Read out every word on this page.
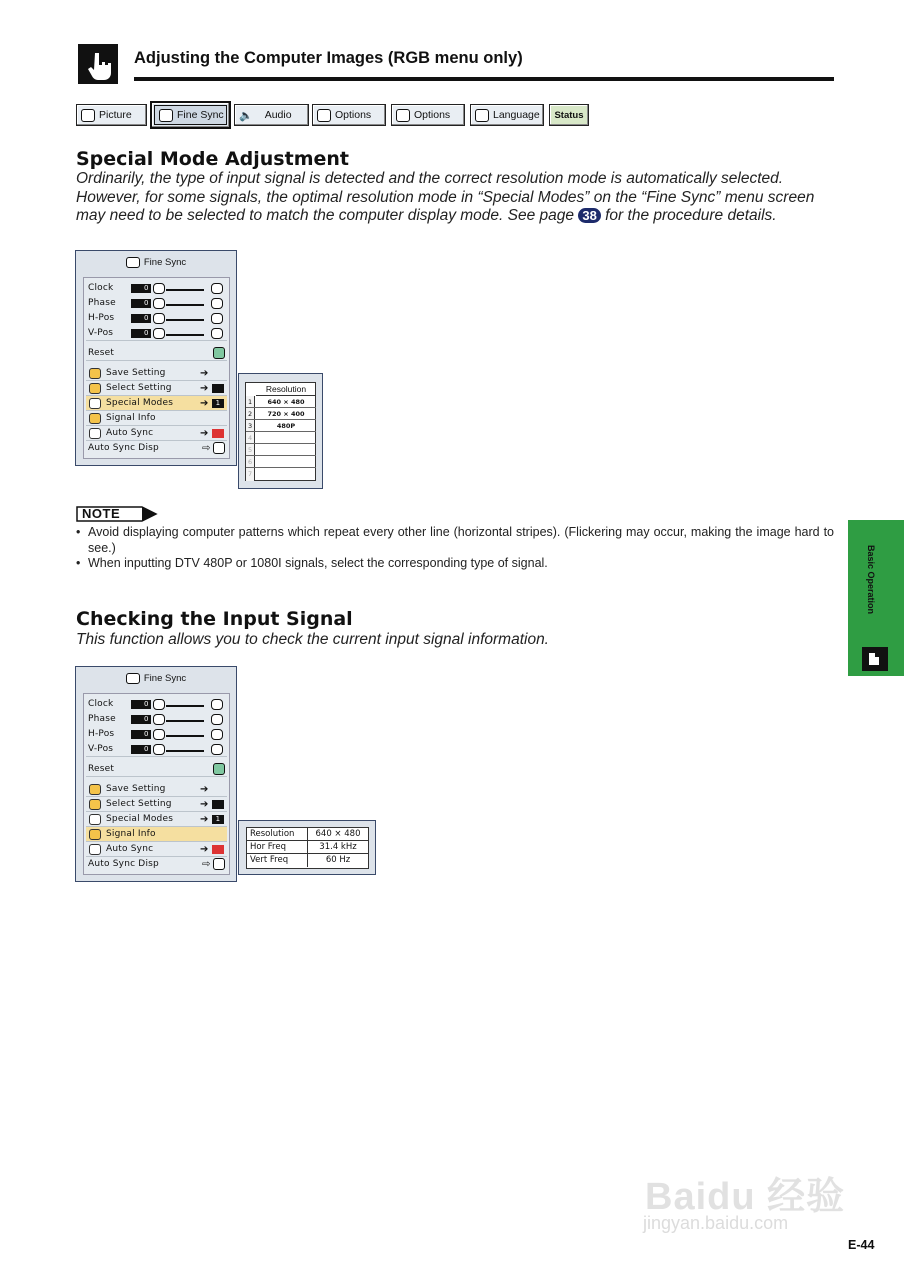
Adjusting the Computer Images (RGB menu only)
Picture	Fine Sync 🔈 Audio	Options	Options	Language Status
Special Mode Adjustment
Ordinarily, the type of input signal is detected and the correct resolution mode is automatically selected. However, for some signals, the optimal resolution mode in “Special Modes” on the “Fine Sync” menu screen may need to be selected to match the computer display mode. See page 38 for the procedure details.
Fine Sync
Clock	0
Phase	0
H-Pos	0
V-Pos	0
Reset
Save Setting	➔
Select Setting	➔
Special Modes	➔	1
Signal Info
Auto Sync	➔
Auto Sync Disp	⇨
Resolution
1	640 × 480
2	720 × 400
3	480P
4
5
6
7
NOTE
• Avoid displaying computer patterns which repeat every other line (horizontal stripes). (Flickering may occur, making the image hard to see.)
• When inputting DTV 480P or 1080I signals, select the corresponding type of signal.
Checking the Input Signal
This function allows you to check the current input signal information.
Fine Sync
Clock	0
Phase	0
H-Pos	0
V-Pos	0
Reset
Save Setting	➔
Select Setting	➔
Special Modes	➔	1
Signal Info
Auto Sync	➔
Auto Sync Disp	⇨
Resolution	640 × 480
Hor Freq	31.4 kHz
Vert Freq	60 Hz
Basic Operation
Baidu 经验
jingyan.baidu.com
E-44
